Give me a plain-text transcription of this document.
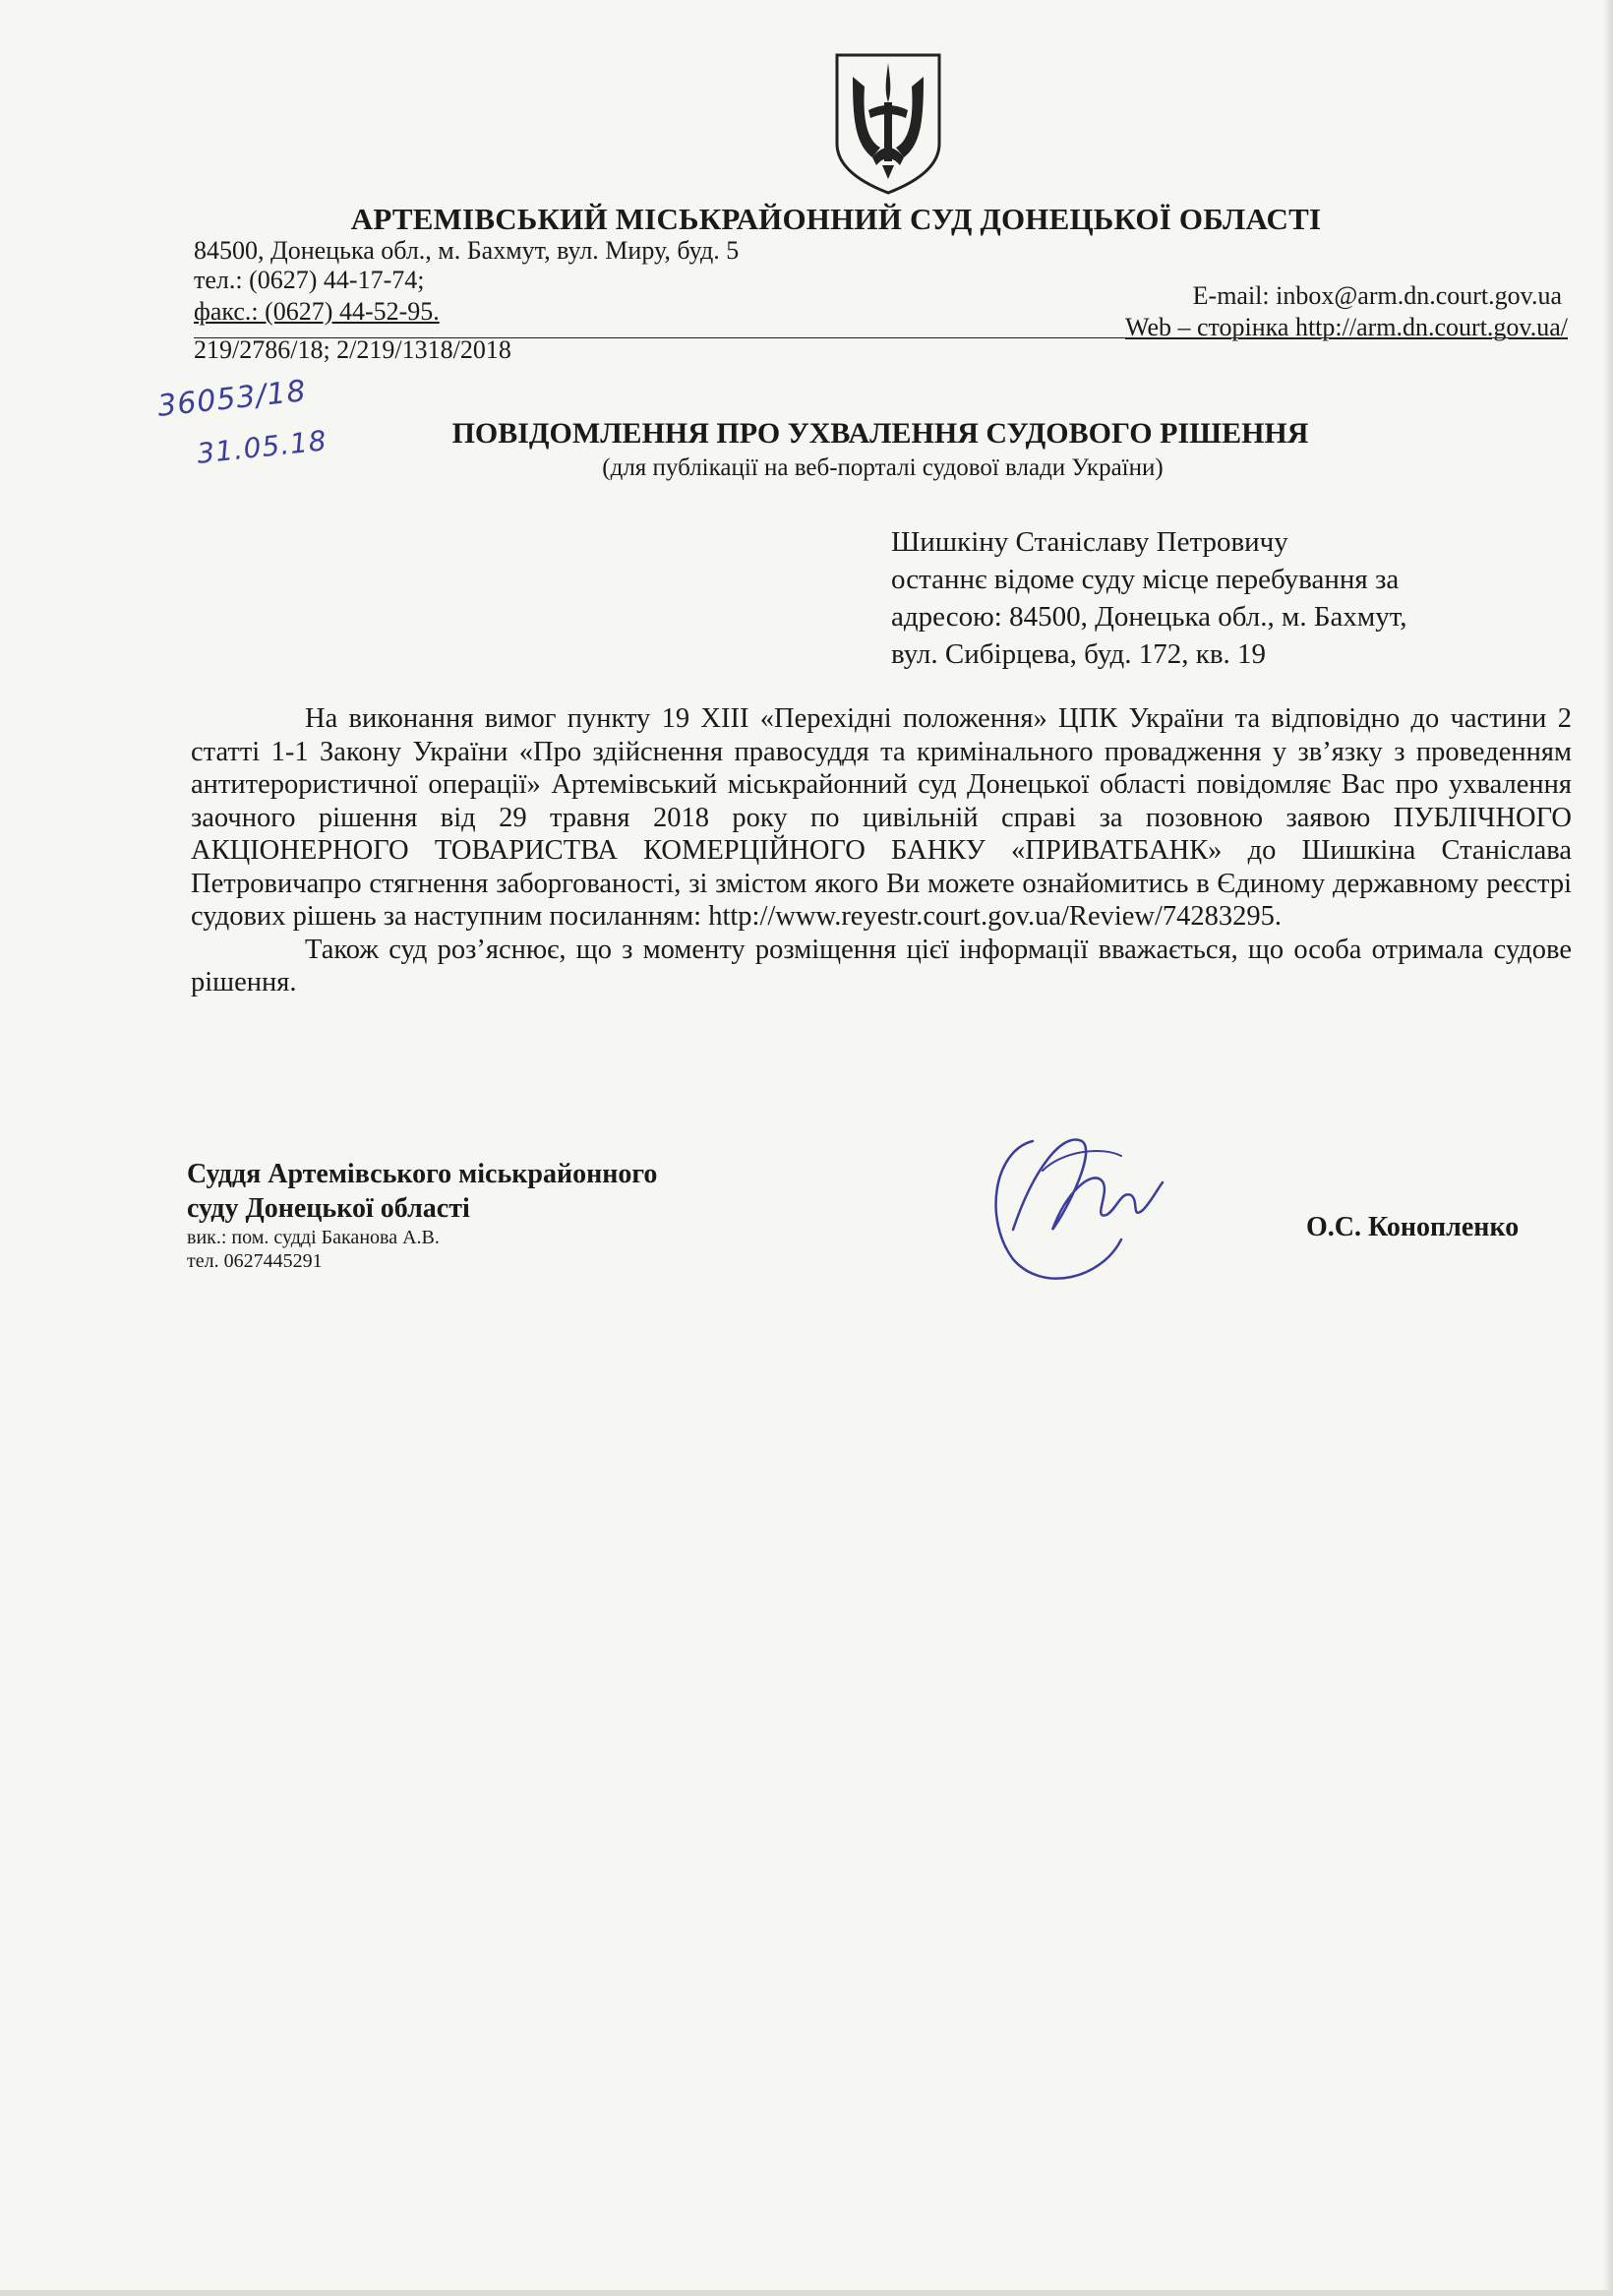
АРТЕМІВСЬКИЙ МІСЬКРАЙОННИЙ СУД ДОНЕЦЬКОЇ ОБЛАСТІ
84500, Донецька обл., м. Бахмут, вул. Миру, буд. 5
тел.: (0627) 44-17-74;
факс.: (0627) 44-52-95.
E-mail: inbox@arm.dn.court.gov.ua
Web – сторінка http://arm.dn.court.gov.ua/
219/2786/18; 2/219/1318/2018
36053/18
31.05.18	ПОВІДОМЛЕННЯ ПРО УХВАЛЕННЯ СУДОВОГО РІШЕННЯ
(для публікації на веб-порталі судової влади України)
Шишкіну Станіславу Петровичу
останнє відоме суду місце перебування за
адресою: 84500, Донецька обл., м. Бахмут,
вул. Сибірцева, буд. 172, кв. 19

На виконання вимог пункту 19 XIII «Перехідні положення» ЦПК України та відповідно до частини 2 статті 1-1 Закону України «Про здійснення правосуддя та кримінального провадження у зв’язку з проведенням антитерористичної операції» Артемівський міськрайонний суд Донецької області повідомляє Вас про ухвалення заочного рішення від 29 травня 2018 року по цивільній справі за позовною заявою ПУБЛІЧНОГО АКЦІОНЕРНОГО ТОВАРИСТВА КОМЕРЦІЙНОГО БАНКУ «ПРИВАТБАНК» до Шишкіна Станіслава Петровичапро стягнення заборгованості, зі змістом якого Ви можете ознайомитись в Єдиному державному реєстрі судових рішень за наступним посиланням: http://www.reyestr.court.gov.ua/Review/74283295.

Також суд роз’яснює, що з моменту розміщення цієї інформації вважається, що особа отримала судове рішення.

Суддя Артемівського міськрайонного
суду Донецької області
вик.: пом. судді Баканова А.В.
тел. 0627445291
О.С. Конопленко
